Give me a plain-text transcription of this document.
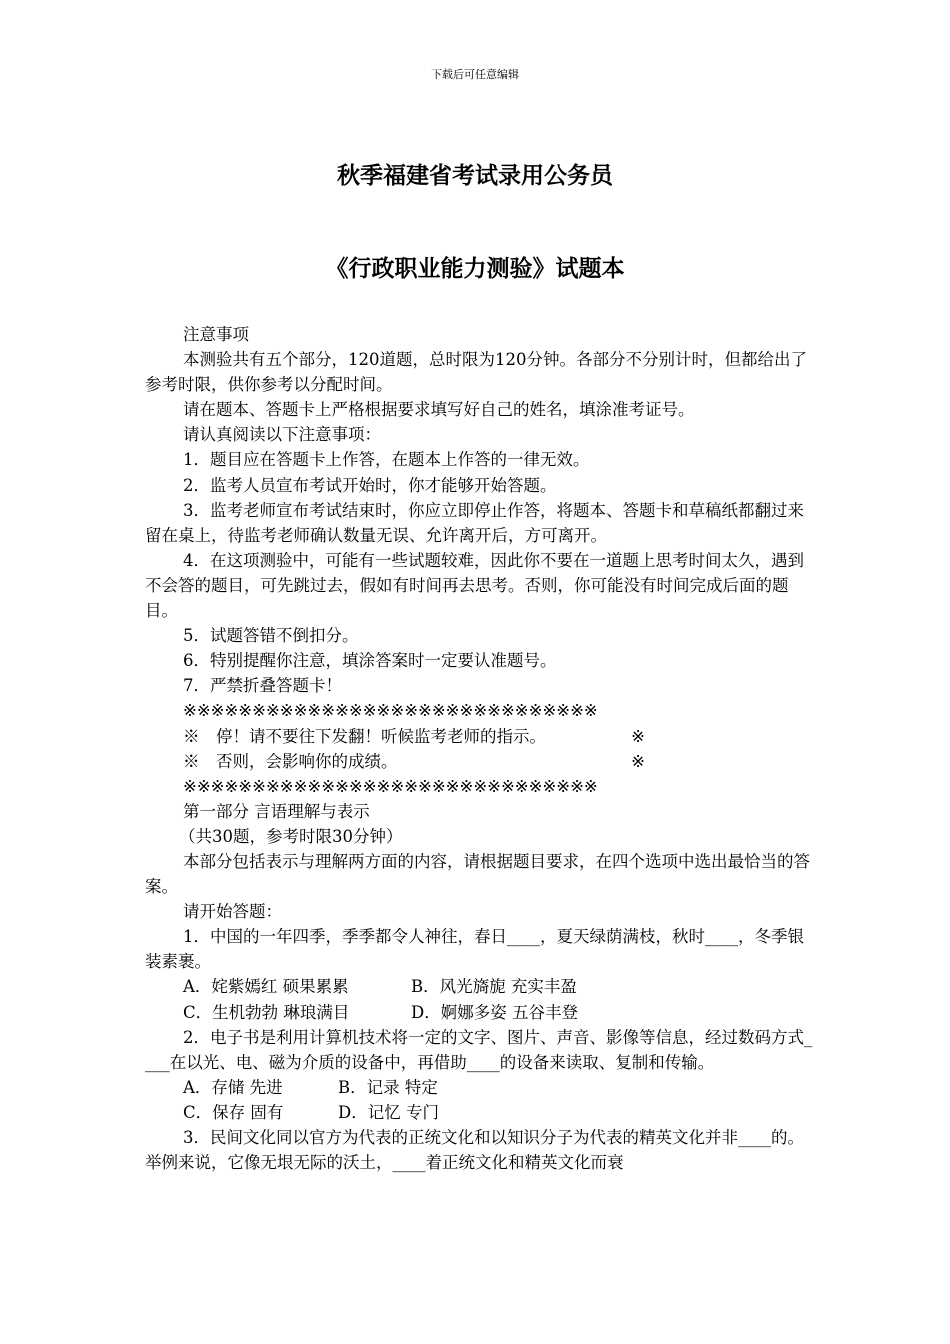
下载后可任意编辑
秋季福建省考试录用公务员
《行政职业能力测验》试题本

注意事项

本测验共有五个部分，120道题，总时限为120分钟。各部分不分别计时，但都给出了参考时限，供你参考以分配时间。

请在题本、答题卡上严格根据要求填写好自己的姓名，填涂准考证号。

请认真阅读以下注意事项：

1．题目应在答题卡上作答，在题本上作答的一律无效。

2．监考人员宣布考试开始时，你才能够开始答题。

3．监考老师宣布考试结束时，你应立即停止作答，将题本、答题卡和草稿纸都翻过来留在桌上，待监考老师确认数量无误、允许离开后，方可离开。

4．在这项测验中，可能有一些试题较难，因此你不要在一道题上思考时间太久，遇到不会答的题目，可先跳过去，假如有时间再去思考。否则，你可能没有时间完成后面的题目。

5．试题答错不倒扣分。

6．特别提醒你注意，填涂答案时一定要认准题号。

7．严禁折叠答题卡！

※※※※※※※※※※※※※※※※※※※※※※※※※※※※※※

※　停！请不要往下发翻！听候监考老师的指示。	※

※　否则，会影响你的成绩。	※

※※※※※※※※※※※※※※※※※※※※※※※※※※※※※※

第一部分 言语理解与表示

（共30题，参考时限30分钟）

本部分包括表示与理解两方面的内容，请根据题目要求，在四个选项中选出最恰当的答案。

请开始答题：

1．中国的一年四季，季季都令人神往，春日____，夏天绿荫满枝，秋时____，冬季银装素裹。

A．姹紫嫣红 硕果累累	B．风光旖旎 充实丰盈

C．生机勃勃 琳琅满目	D．婀娜多姿 五谷丰登

2．电子书是利用计算机技术将一定的文字、图片、声音、影像等信息，经过数码方式____在以光、电、磁为介质的设备中，再借助____的设备来读取、复制和传输。

A．存储 先进	B．记录 特定

C．保存 固有	D．记忆 专门

3．民间文化同以官方为代表的正统文化和以知识分子为代表的精英文化并非____的。举例来说，它像无垠无际的沃土，____着正统文化和精英文化而衰
